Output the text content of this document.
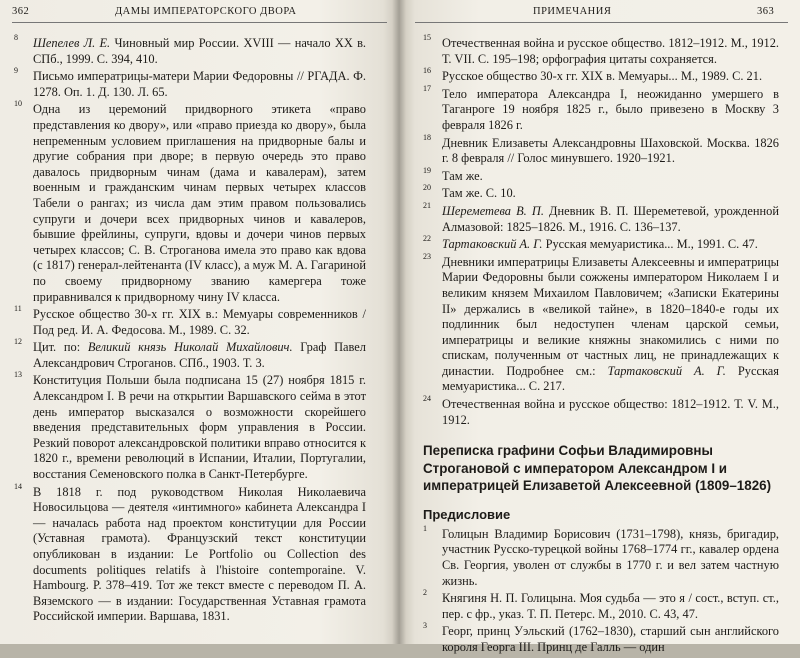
362	ДАМЫ ИМПЕРАТОРСКОГО ДВОРА
8 Шепелев Л. Е. Чиновный мир России. XVIII — начало XX в. СПб., 1999. С. 394, 410.
9 Письмо императрицы-матери Марии Федоровны // РГАДА. Ф. 1278. Оп. 1. Д. 130. Л. 65.
10 Одна из церемоний придворного этикета «право представления ко двору», или «право приезда ко двору», была непременным условием приглашения на придворные балы и другие собрания при дворе; в первую очередь это право давалось придворным чинам (дама и кавалерам), затем военным и гражданским чинам первых четырех классов Табели о рангах; из числа дам этим правом пользовались супруги и дочери всех придворных чинов и кавалеров, бывшие фрейлины, супруги, вдовы и дочери чинов первых четырех классов; С. В. Строганова имела это право как вдова (с 1817) генерал-лейтенанта (IV класс), а муж М. А. Гагариной по своему придворному званию камергера тоже приравнивался к придворному чину IV класса.
11 Русское общество 30-х гг. XIX в.: Мемуары современников / Под ред. И. А. Федосова. М., 1989. С. 32.
12 Цит. по: Великий князь Николай Михайлович. Граф Павел Александрович Строганов. СПб., 1903. Т. 3.
13 Конституция Польши была подписана 15 (27) ноября 1815 г. Александром I. В речи на открытии Варшавского сейма в этот день император высказался о возможности скорейшего введения представительных форм управления в России. Резкий поворот александровской политики вправо относится к 1820 г., времени революций в Испании, Италии, Португалии, восстания Семеновского полка в Санкт-Петербурге.
14 В 1818 г. под руководством Николая Николаевича Новосильцова — деятеля «интимного» кабинета Александра I — началась работа над проектом конституции для России (Уставная грамота). Французский текст конституции опубликован в издании: Le Portfolio ou Collection des documents politiques relatifs à l'histoire contemporaine. V. Hambourg. P. 378–419. Тот же текст вместе с переводом П. А. Вяземского — в издании: Государственная Уставная грамота Российской империи. Варшава, 1831.
ПРИМЕЧАНИЯ	363
15 Отечественная война и русское общество. 1812–1912. М., 1912. Т. VII. С. 195–198; орфография цитаты сохраняется.
16 Русское общество 30-х гг. XIX в. Мемуары... М., 1989. С. 21.
17 Тело императора Александра I, неожиданно умершего в Таганроге 19 ноября 1825 г., было привезено в Москву 3 февраля 1826 г.
18 Дневник Елизаветы Александровны Шаховской. Москва. 1826 г. 8 февраля // Голос минувшего. 1920–1921.
19 Там же.
20 Там же. С. 10.
21 Шереметева В. П. Дневник В. П. Шереметевой, урожденной Алмазовой: 1825–1826. М., 1916. С. 136–137.
22 Тартаковский А. Г. Русская мемуаристика... М., 1991. С. 47.
23 Дневники императрицы Елизаветы Алексеевны и императрицы Марии Федоровны были сожжены императором Николаем I и великим князем Михаилом Павловичем; «Записки Екатерины II» держались в «великой тайне», в 1820–1840-е годы их подлинник был недоступен членам царской семьи, императрицы и великие княжны знакомились с ними по спискам, полученным от частных лиц, не принадлежащих к династии. Подробнее см.: Тартаковский А. Г. Русская мемуаристика... С. 217.
24 Отечественная война и русское общество: 1812–1912. Т. V. М., 1912.
Переписка графини Софьи Владимировны Строгановой с императором Александром I и императрицей Елизаветой Алексеевной (1809–1826)
Предисловие
1 Голицын Владимир Борисович (1731–1798), князь, бригадир, участник Русско-турецкой войны 1768–1774 гг., кавалер ордена Св. Георгия, уволен от службы в 1770 г. и вел затем частную жизнь.
2 Княгиня Н. П. Голицына. Моя судьба — это я / сост., вступ. ст., пер. с фр., указ. Т. П. Петерс. М., 2010. С. 43, 47.
3 Георг, принц Уэльский (1762–1830), старший сын английского короля Георга III. Принц де Галль — один
